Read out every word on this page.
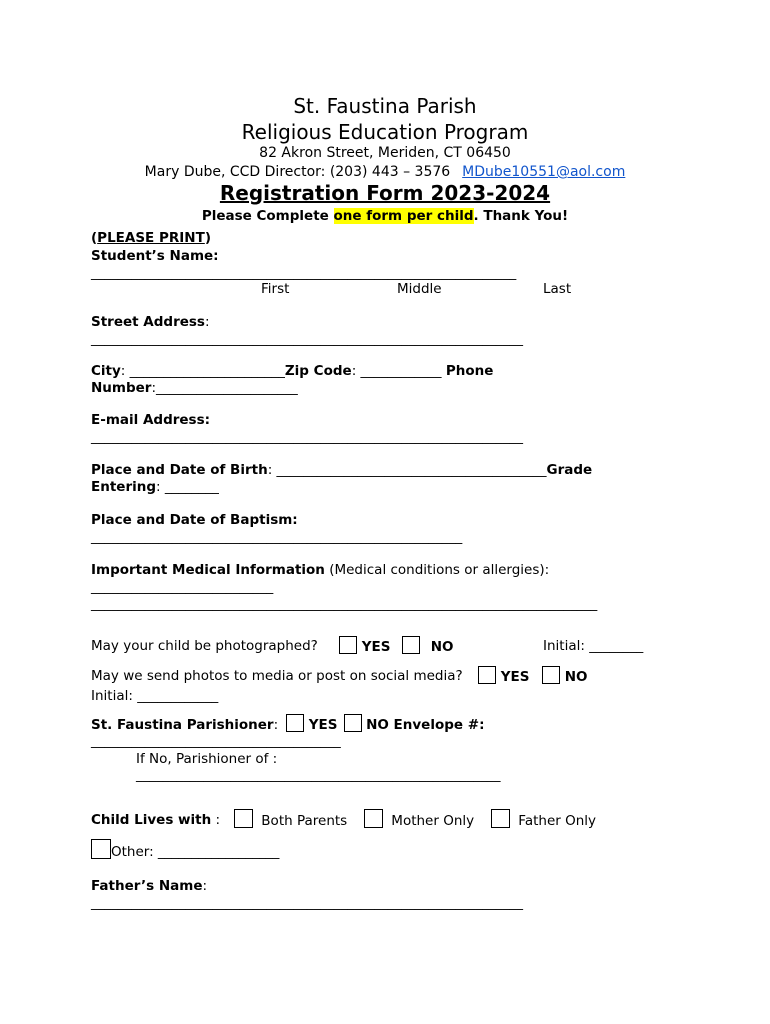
St. Faustina Parish
Religious Education Program
82 Akron Street, Meriden, CT 06450
Mary Dube, CCD Director: (203) 443 – 3576 MDube10551@aol.com
Registration Form 2023-2024
Please Complete one form per child. Thank You!
(PLEASE PRINT)
Student’s Name:
_______________________________________________________________
First	Middle	Last
Street Address:
________________________________________________________________
City: _______________________Zip Code: ____________ Phone
Number:_____________________
E-mail Address:
________________________________________________________________
Place and Date of Birth: ________________________________________Grade
Entering: ________
Place and Date of Baptism:
_______________________________________________________
Important Medical Information (Medical conditions or allergies):
___________________________
___________________________________________________________________________
May your child be photographed?	YES	NO	Initial: ________
May we send photos to media or post on social media?	YES	NO
Initial: ____________
St. Faustina Parishioner: YES NO Envelope #:
_____________________________________
If No, Parishioner of :
______________________________________________________
Child Lives with :	Both Parents	Mother Only	Father Only
Other: __________________
Father’s Name:
________________________________________________________________
